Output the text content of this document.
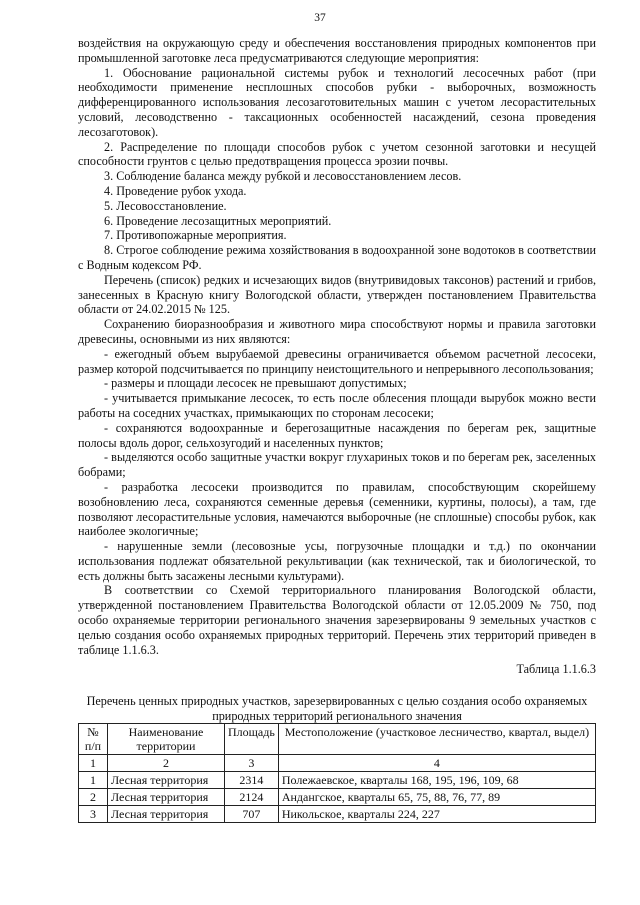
37

воздействия на окружающую среду и обеспечения восстановления природных компонентов при промышленной заготовке леса предусматриваются следующие мероприятия:

1. Обоснование рациональной системы рубок и технологий лесосечных работ (при необходимости применение несплошных способов рубки - выборочных, возможность дифференцированного использования лесозаготовительных машин с учетом лесорастительных условий, лесоводственно - таксационных особенностей насаждений, сезона проведения лесозаготовок).

2. Распределение по площади способов рубок с учетом сезонной заготовки и несущей способности грунтов с целью предотвращения процесса эрозии почвы.

3. Соблюдение баланса между рубкой и лесовосстановлением лесов.

4. Проведение рубок ухода.

5. Лесовосстановление.

6. Проведение лесозащитных мероприятий.

7. Противопожарные мероприятия.

8. Строгое соблюдение режима хозяйствования в водоохранной зоне водотоков в соответствии с Водным кодексом РФ.

Перечень (список) редких и исчезающих видов (внутривидовых таксонов) растений и грибов, занесенных в Красную книгу Вологодской области, утвержден постановлением Правительства области от 24.02.2015 № 125.

Сохранению биоразнообразия и животного мира способствуют нормы и правила заготовки древесины, основными из них являются:

- ежегодный объем вырубаемой древесины ограничивается объемом расчетной лесосеки, размер которой подсчитывается по принципу неистощительного и непрерывного лесопользования;

- размеры и площади лесосек не превышают допустимых;

- учитывается примыкание лесосек, то есть после облесения площади вырубок можно вести работы на соседних участках, примыкающих по сторонам лесосеки;

- сохраняются водоохранные и берегозащитные насаждения по берегам рек, защитные полосы вдоль дорог, сельхозугодий и населенных пунктов;

- выделяются особо защитные участки вокруг глухариных токов и по берегам рек, заселенных бобрами;

- разработка лесосеки производится по правилам, способствующим скорейшему возобновлению леса, сохраняются семенные деревья (семенники, куртины, полосы), а там, где позволяют лесорастительные условия, намечаются выборочные (не сплошные) способы рубок, как наиболее экологичные;

- нарушенные земли (лесовозные усы, погрузочные площадки и т.д.) по окончании использования подлежат обязательной рекультивации (как технической, так и биологической, то есть должны быть засажены лесными культурами).

В соответствии со Схемой территориального планирования Вологодской области, утвержденной постановлением Правительства Вологодской области от 12.05.2009 № 750, под особо охраняемые территории регионального значения зарезервированы 9 земельных участков с целью создания особо охраняемых природных территорий. Перечень этих территорий приведен в таблице 1.1.6.3.

Таблица 1.1.6.3

Перечень ценных природных участков, зарезервированных с целью создания особо охраняемых природных территорий регионального значения

№ п/п	Наименование территории	Площадь	Местоположение (участковое лесничество, квартал, выдел)
1	2	3	4
1	Лесная территория	2314	Полежаевское, кварталы 168, 195, 196, 109, 68
2	Лесная территория	2124	Андангское, кварталы 65, 75, 88, 76, 77, 89
3	Лесная территория	707	Никольское, кварталы 224, 227
